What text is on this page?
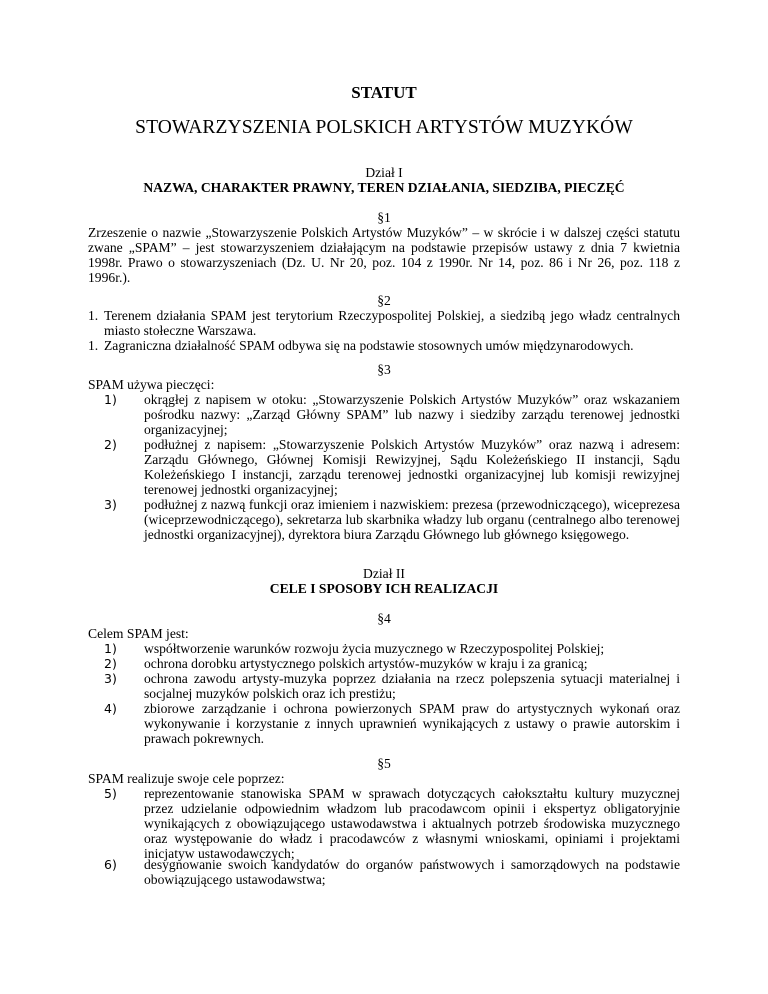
STATUT
STOWARZYSZENIA POLSKICH ARTYSTÓW MUZYKÓW
Dział I
NAZWA, CHARAKTER PRAWNY, TEREN DZIAŁANIA, SIEDZIBA, PIECZĘĆ
§1
Zrzeszenie o nazwie „Stowarzyszenie Polskich Artystów Muzyków” – w skrócie i w dalszej części statutu zwane „SPAM” – jest stowarzyszeniem działającym na podstawie przepisów ustawy z dnia 7 kwietnia 1998r. Prawo o stowarzyszeniach (Dz. U. Nr 20, poz. 104 z 1990r. Nr 14, poz. 86 i Nr 26, poz. 118 z 1996r.).
§2
1. Terenem działania SPAM jest terytorium Rzeczypospolitej Polskiej, a siedzibą jego władz centralnych miasto stołeczne Warszawa.
1. Zagraniczna działalność SPAM odbywa się na podstawie stosownych umów międzynarodowych.
§3
SPAM używa pieczęci:
1) okrągłej z napisem w otoku: „Stowarzyszenie Polskich Artystów Muzyków” oraz wskazaniem pośrodku nazwy: „Zarząd Główny SPAM” lub nazwy i siedziby zarządu terenowej jednostki organizacyjnej;
2) podłużnej z napisem: „Stowarzyszenie Polskich Artystów Muzyków” oraz nazwą i adresem: Zarządu Głównego, Głównej Komisji Rewizyjnej, Sądu Koleżeńskiego II instancji, Sądu Koleżeńskiego I instancji, zarządu terenowej jednostki organizacyjnej lub komisji rewizyjnej terenowej jednostki organizacyjnej;
3) podłużnej z nazwą funkcji oraz imieniem i nazwiskiem: prezesa (przewodniczącego), wiceprezesa (wiceprzewodniczącego), sekretarza lub skarbnika władzy lub organu (centralnego albo terenowej jednostki organizacyjnej), dyrektora biura Zarządu Głównego lub głównego księgowego.
Dział II
CELE I SPOSOBY ICH REALIZACJI
§4
Celem SPAM jest:
1) współtworzenie warunków rozwoju życia muzycznego w Rzeczypospolitej Polskiej;
2) ochrona dorobku artystycznego polskich artystów-muzyków w kraju i za granicą;
3) ochrona zawodu artysty-muzyka poprzez działania na rzecz polepszenia sytuacji materialnej i socjalnej muzyków polskich oraz ich prestiżu;
4) zbiorowe zarządzanie i ochrona powierzonych SPAM praw do artystycznych wykonań oraz wykonywanie i korzystanie z innych uprawnień wynikających z ustawy o prawie autorskim i prawach pokrewnych.
§5
SPAM realizuje swoje cele poprzez:
5) reprezentowanie stanowiska SPAM w sprawach dotyczących całokształtu kultury muzycznej przez udzielanie odpowiednim władzom lub pracodawcom opinii i ekspertyz obligatoryjnie wynikających z obowiązującego ustawodawstwa i aktualnych potrzeb środowiska muzycznego oraz występowanie do władz i pracodawców z własnymi wnioskami, opiniami i projektami inicjatyw ustawodawczych;
6) desygnowanie swoich kandydatów do organów państwowych i samorządowych na podstawie obowiązującego ustawodawstwa;
